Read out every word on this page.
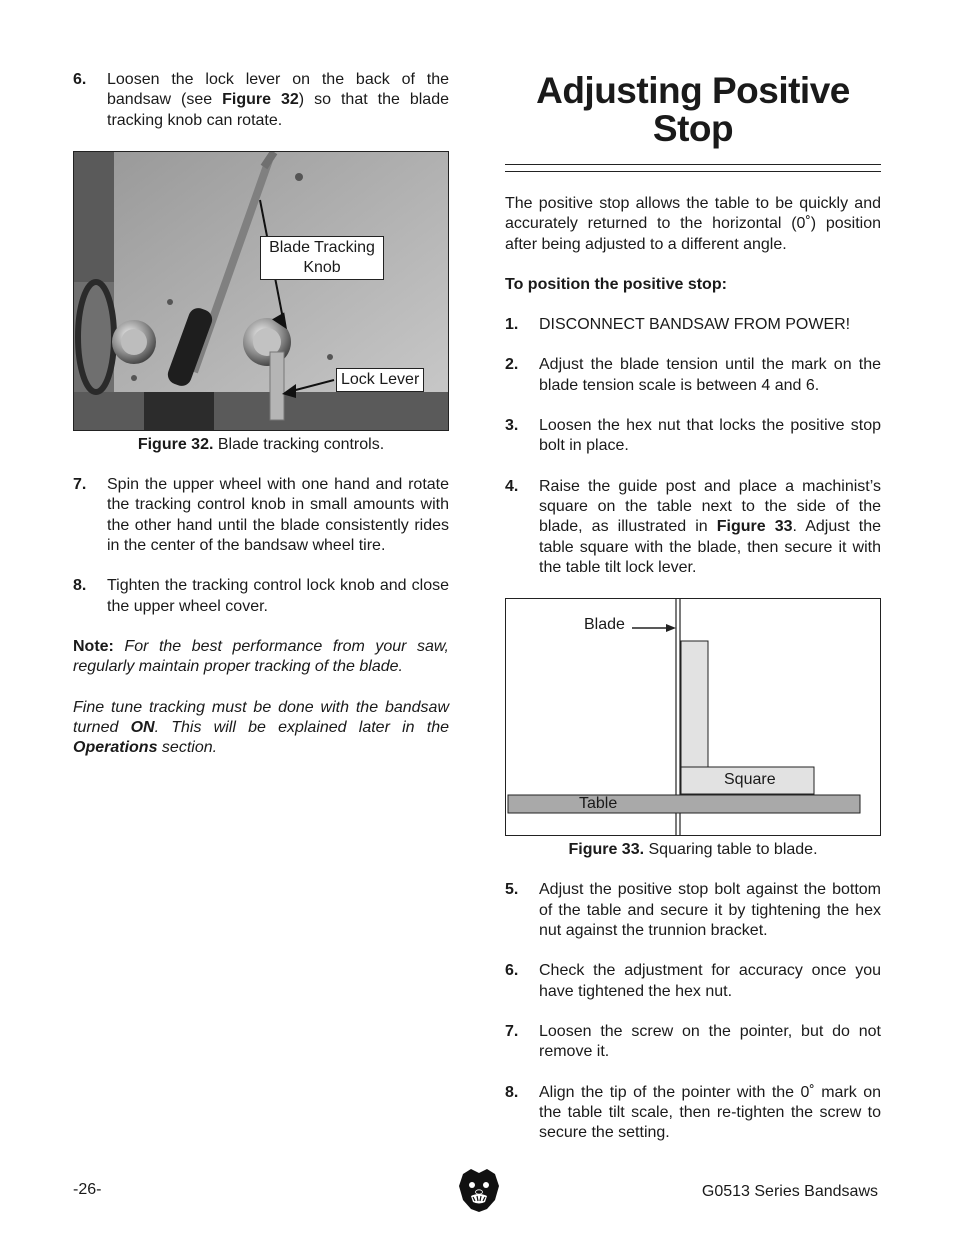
6.	Loosen the lock lever on the back of the bandsaw (see Figure 32) so that the blade tracking knob can rotate.
Blade Tracking Knob
Lock Lever
Figure 32. Blade tracking controls.
7.	Spin the upper wheel with one hand and rotate the tracking control knob in small amounts with the other hand until the blade consistently rides in the center of the bandsaw wheel tire.
8.	Tighten the tracking control lock knob and close the upper wheel cover.

Note: For the best performance from your saw, regularly maintain proper tracking of the blade.

Fine tune tracking must be done with the bandsaw turned ON. This will be explained later in the Operations section.

Adjusting Positive Stop

The positive stop allows the table to be quickly and accurately returned to the horizontal (0˚) position after being adjusted to a different angle.

To position the positive stop:

1.	DISCONNECT BANDSAW FROM POWER!
2.	Adjust the blade tension until the mark on the blade tension scale is between 4 and 6.
3.	Loosen the hex nut that locks the positive stop bolt in place.
4.	Raise the guide post and place a machinist’s square on the table next to the side of the blade, as illustrated in Figure 33. Adjust the table square with the blade, then secure it with the table tilt lock lever.
Blade
Square
Table
Figure 33. Squaring table to blade.
5.	Adjust the positive stop bolt against the bottom of the table and secure it by tightening the hex nut against the trunnion bracket.
6.	Check the adjustment for accuracy once you have tightened the hex nut.
7.	Loosen the screw on the pointer, but do not remove it.
8.	Align the tip of the pointer with the 0˚ mark on the table tilt scale, then re-tighten the screw to secure the setting.
-26-	G0513 Series Bandsaws
